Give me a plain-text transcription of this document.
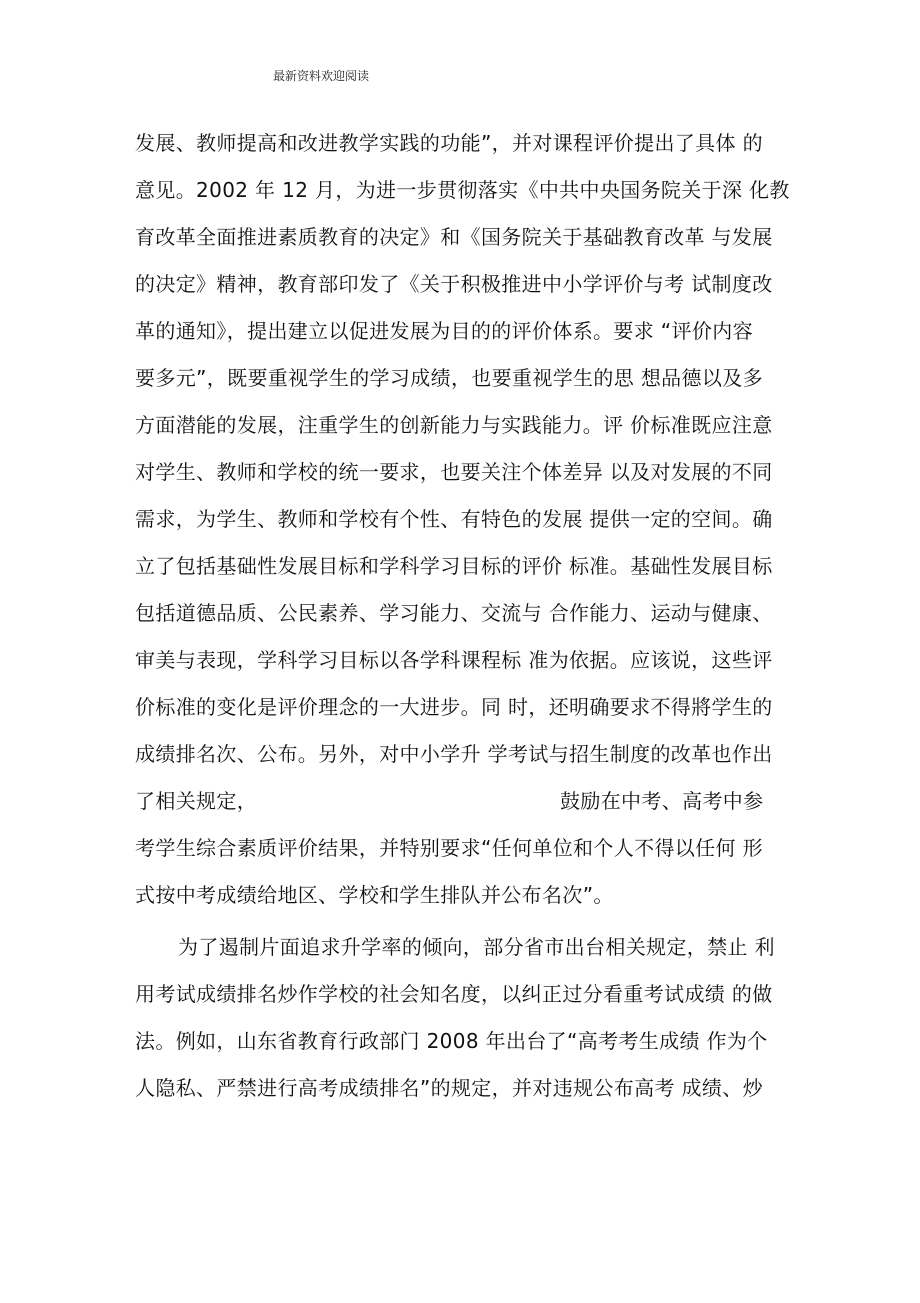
最新资料欢迎阅读
发展、教师提高和改进教学实践的功能”，并对课程评价提出了具体 的
意见。2002 年 12 月，为进一步贯彻落实《中共中央国务院关于深 化教
育改革全面推进素质教育的决定》和《国务院关于基础教育改革 与发展
的决定》精神，教育部印发了《关于积极推进中小学评价与考 试制度改
革的通知》，提出建立以促进发展为目的的评价体系。要求 “评价内容
要多元”，既要重视学生的学习成绩，也要重视学生的思 想品德以及多
方面潜能的发展，注重学生的创新能力与实践能力。评 价标准既应注意
对学生、教师和学校的统一要求，也要关注个体差异 以及对发展的不同
需求，为学生、教师和学校有个性、有特色的发展 提供一定的空间。确
立了包括基础性发展目标和学科学习目标的评价 标准。基础性发展目标
包括道德品质、公民素养、学习能力、交流与 合作能力、运动与健康、
审美与表现，学科学习目标以各学科课程标 准为依据。应该说，这些评
价标准的变化是评价理念的一大进步。同 时，还明确要求不得將学生的
成绩排名次、公布。另外，对中小学升 学考试与招生制度的改革也作出
了相关规定，	鼓励在中考、高考中参
考学生综合素质评价结果，并特别要求“任何单位和个人不得以任何 形
式按中考成绩给地区、学校和学生排队并公布名次”。
为了遏制片面追求升学率的倾向，部分省市出台相关规定，禁止 利
用考试成绩排名炒作学校的社会知名度，以纠正过分看重考试成绩 的做
法。例如，山东省教育行政部门 2008 年出台了“高考考生成绩 作为个
人隐私、严禁进行高考成绩排名”的规定，并对违规公布高考 成绩、炒
